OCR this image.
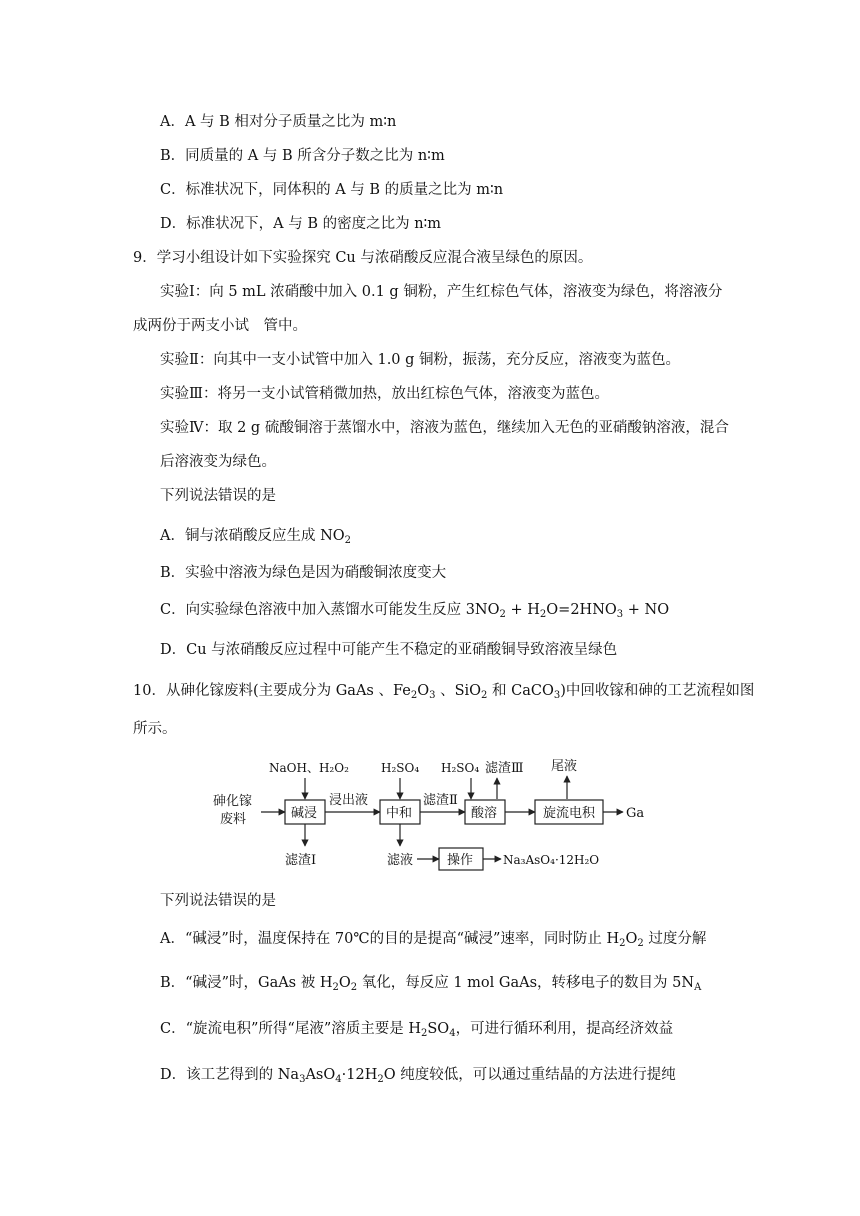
A．A 与 B 相对分子质量之比为 m∶n
B．同质量的 A 与 B 所含分子数之比为 n∶m
C．标准状况下，同体积的 A 与 B 的质量之比为 m∶n
D．标准状况下，A 与 B 的密度之比为 n∶m
9．学习小组设计如下实验探究 Cu 与浓硝酸反应混合液呈绿色的原因。
实验Ⅰ：向 5 mL 浓硝酸中加入 0.1 g 铜粉，产生红棕色气体，溶液变为绿色，将溶液分
成两份于两支小试　管中。
实验Ⅱ：向其中一支小试管中加入 1.0 g 铜粉，振荡，充分反应，溶液变为蓝色。
实验Ⅲ：将另一支小试管稍微加热，放出红棕色气体，溶液变为蓝色。
实验Ⅳ：取 2 g 硫酸铜溶于蒸馏水中，溶液为蓝色，继续加入无色的亚硝酸钠溶液，混合
后溶液变为绿色。
下列说法错误的是
A．铜与浓硝酸反应生成 $NO_2$
B．实验中溶液为绿色是因为硝酸铜浓度变大
C．向实验绿色溶液中加入蒸馏水可能发生反应 $3NO_2 + H_2O=2HNO_3$ + NO
D．Cu 与浓硝酸反应过程中可能产生不稳定的亚硝酸铜导致溶液呈绿色
10．从砷化镓废料(主要成分为 GaAs 、$Fe_2O_3$ 、SiO$_2$ 和 CaCO$_3$)中回收镓和砷的工艺流程如图
所示。
砷化镓
废料	碱浸
NaOH、H₂O₂
滤渣Ⅰ
浸出液
中和
H₂SO₄
滤液	操作 Na₃AsO₄·12H₂O
滤渣Ⅱ
酸溶
H₂SO₄ 滤渣Ⅲ
旋流电积
尾液
Ga
下列说法错误的是
A．“碱浸”时，温度保持在 70℃的目的是提高“碱浸”速率，同时防止 $H_2O_2$ 过度分解
B．“碱浸”时，GaAs 被 $H_2O_2$ 氧化，每反应 1 mol GaAs，转移电子的数目为 $5N_A$
C．“旋流电积”所得“尾液”溶质主要是 $H_2SO_4$，可进行循环利用，提高经济效益
D．该工艺得到的 $Na_3AsO_4\cdot 12H_2O$ 纯度较低，可以通过重结晶的方法进行提纯
